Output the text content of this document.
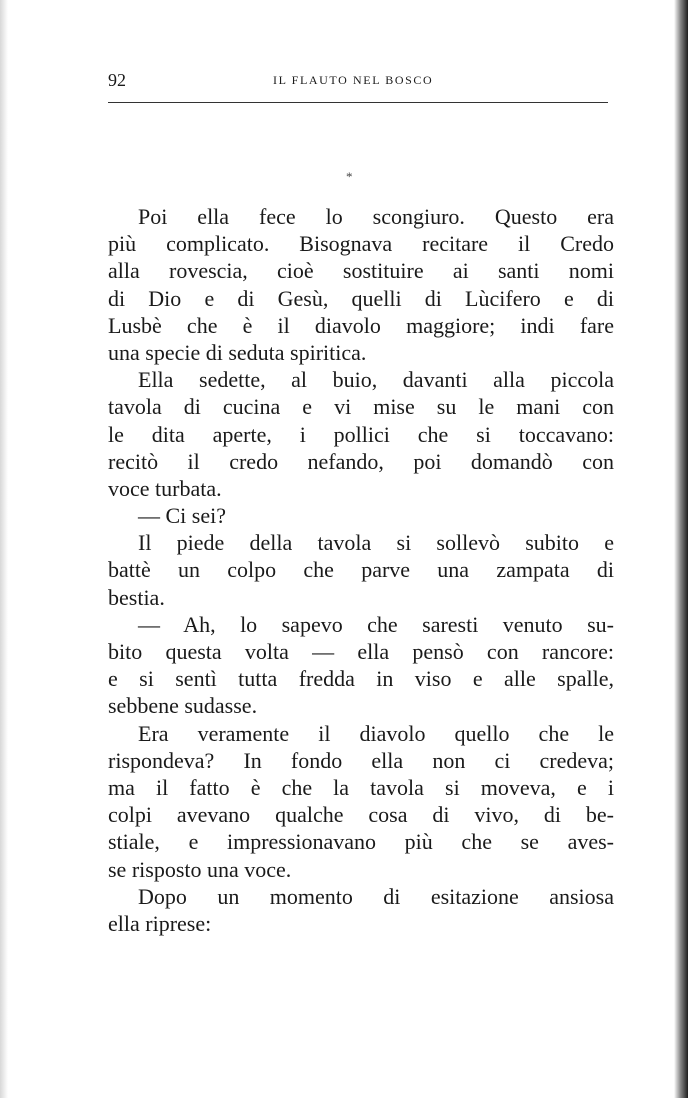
92	IL FLAUTO NEL BOSCO
*
Poi ella fece lo scongiuro. Questo era
più complicato. Bisognava recitare il Credo
alla rovescia, cioè sostituire ai santi nomi
di Dio e di Gesù, quelli di Lùcifero e di
Lusbè che è il diavolo maggiore; indi fare
una specie di seduta spiritica.
Ella sedette, al buio, davanti alla piccola
tavola di cucina e vi mise su le mani con
le dita aperte, i pollici che si toccavano:
recitò il credo nefando, poi domandò con
voce turbata.
— Ci sei?
Il piede della tavola si sollevò subito e
battè un colpo che parve una zampata di
bestia.
— Ah, lo sapevo che saresti venuto su-
bito questa volta — ella pensò con rancore:
e si sentì tutta fredda in viso e alle spalle,
sebbene sudasse.
Era veramente il diavolo quello che le
rispondeva? In fondo ella non ci credeva;
ma il fatto è che la tavola si moveva, e i
colpi avevano qualche cosa di vivo, di be-
stiale, e impressionavano più che se aves-
se risposto una voce.
Dopo un momento di esitazione ansiosa
ella riprese:
